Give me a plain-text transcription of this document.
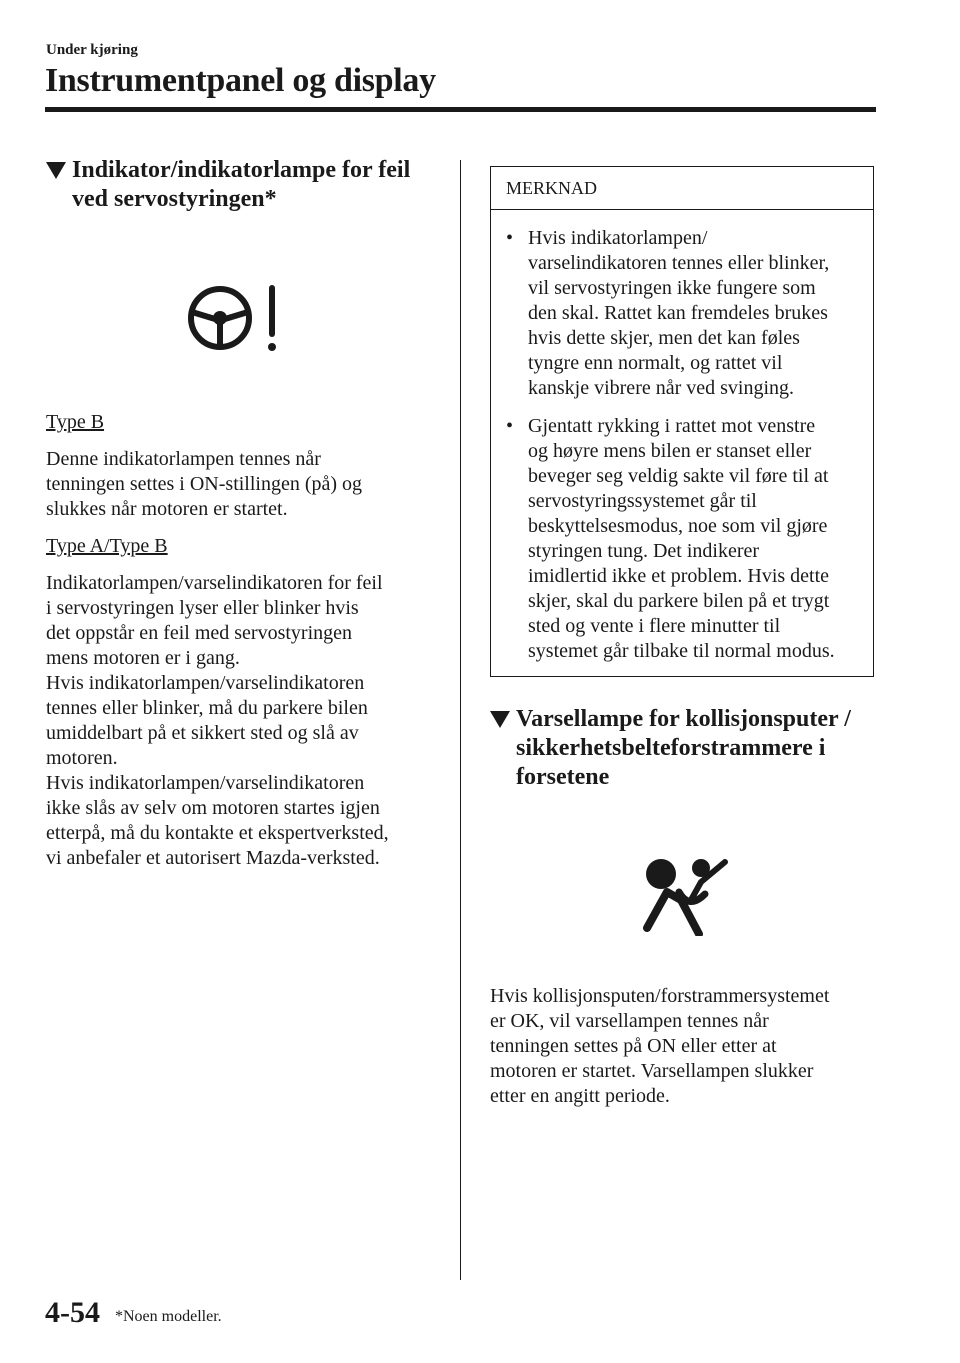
Under kjøring
Instrumentpanel og display
Indikator/indikatorlampe for feil
ved servostyringen*

Type B

Denne indikatorlampen tennes når
tenningen settes i ON-stillingen (på) og
slukkes når motoren er startet.

Type A/Type B

Indikatorlampen/varselindikatoren for feil
i servostyringen lyser eller blinker hvis
det oppstår en feil med servostyringen
mens motoren er i gang.
Hvis indikatorlampen/varselindikatoren
tennes eller blinker, må du parkere bilen
umiddelbart på et sikkert sted og slå av
motoren.
Hvis indikatorlampen/varselindikatoren
ikke slås av selv om motoren startes igjen
etterpå, må du kontakte et ekspertverksted,
vi anbefaler et autorisert Mazda-verksted.

MERKNAD
• Hvis indikatorlampen/
varselindikatoren tennes eller blinker,
vil servostyringen ikke fungere som
den skal. Rattet kan fremdeles brukes
hvis dette skjer, men det kan føles
tyngre enn normalt, og rattet vil
kanskje vibrere når ved svinging.
• Gjentatt rykking i rattet mot venstre
og høyre mens bilen er stanset eller
beveger seg veldig sakte vil føre til at
servostyringssystemet går til
beskyttelsesmodus, noe som vil gjøre
styringen tung. Det indikerer
imidlertid ikke et problem. Hvis dette
skjer, skal du parkere bilen på et trygt
sted og vente i flere minutter til
systemet går tilbake til normal modus.
Varsellampe for kollisjonsputer /
sikkerhetsbelteforstrammere i
forsetene

Hvis kollisjonsputen/forstrammersystemet
er OK, vil varsellampen tennes når
tenningen settes på ON eller etter at
motoren er startet. Varsellampen slukker
etter en angitt periode.

4-54 *Noen modeller.
